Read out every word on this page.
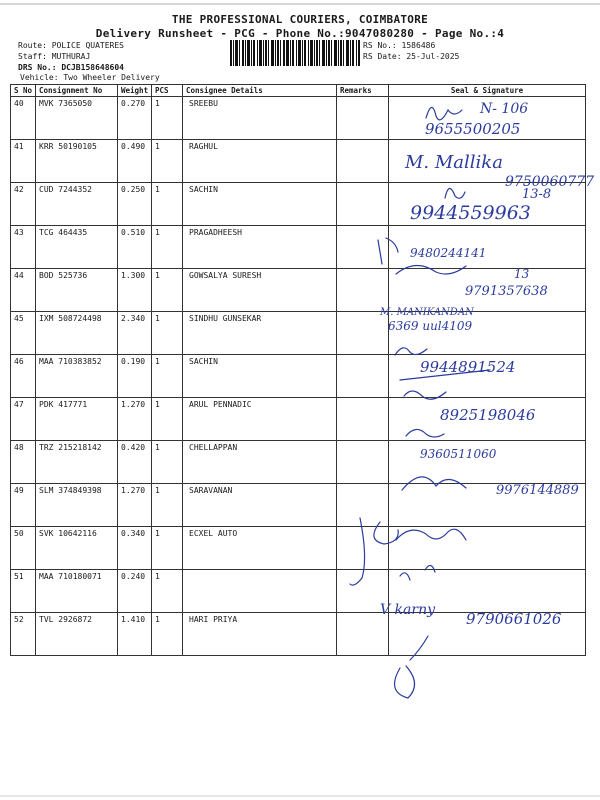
THE PROFESSIONAL COURIERS, COIMBATORE
Delivery Runsheet - PCG - Phone No.:9047080280 - Page No.:4
Route: POLICE QUATERES
Staff: MUTHURAJ
DRS No.: DCJB158648604
Vehicle: Two Wheeler Delivery
RS No.: 1586486
RS Date: 25-Jul-2025
S No	Consignment No	Weight	PCS	Consignee Details	Remarks	Seal & Signature
40	MVK 7365050	0.270	1	SREEBU		
41	KRR 50190105	0.490	1	RAGHUL		
42	CUD 7244352	0.250	1	SACHIN		
43	TCG 464435	0.510	1	PRAGADHEESH		
44	BOD 525736	1.300	1	GOWSALYA SURESH		
45	IXM 508724498	2.340	1	SINDHU GUNSEKAR		
46	MAA 710383852	0.190	1	SACHIN		
47	PDK 417771	1.270	1	ARUL PENNADIC		
48	TRZ 215218142	0.420	1	CHELLAPPAN		
49	SLM 374849398	1.270	1	SARAVANAN		
50	SVK 10642116	0.340	1	ECXEL AUTO		
51	MAA 710180071	0.240	1			
52	TVL 2926872	1.410	1	HARI PRIYA		
N- 106
9655500205
M. Mallika
9750060777
13-8
9944559963
9480244141
13
9791357638
M. MANIKANDAN
6369 uul4109
9944891524
8925198046
9360511060
9976144889
V karny 9790661026
